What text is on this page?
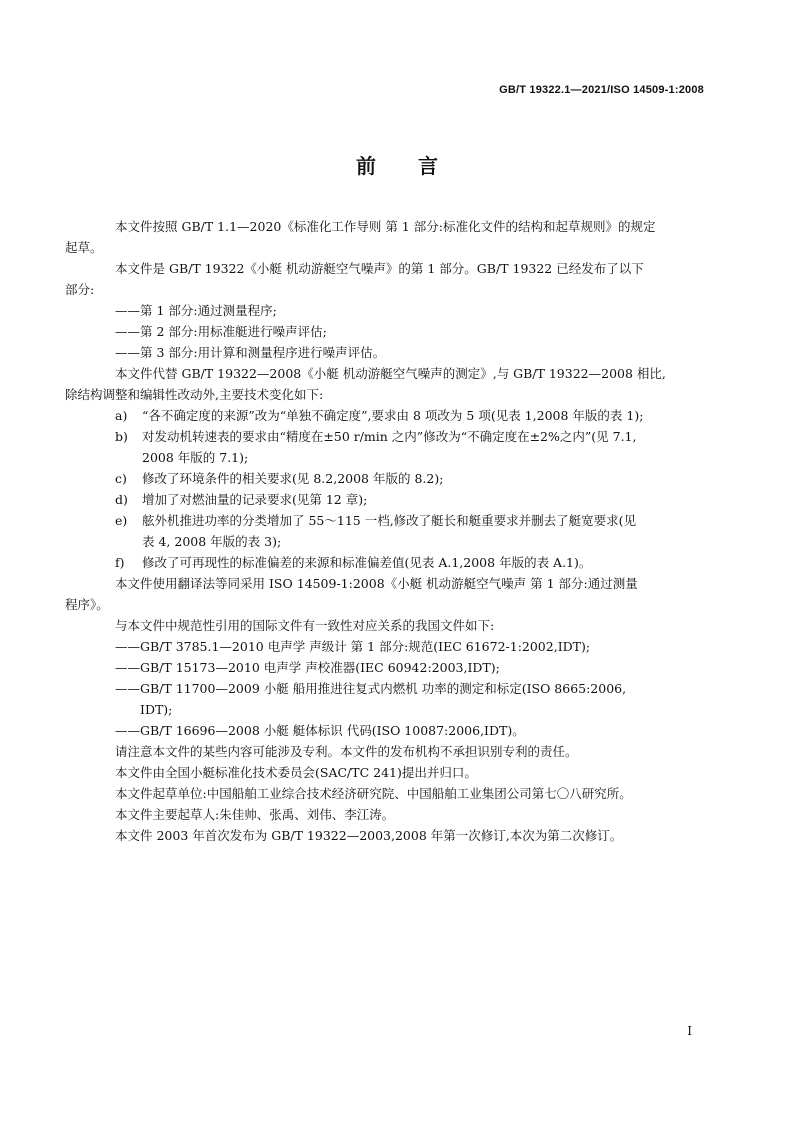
GB/T 19322.1—2021/ISO 14509-1:2008
前言

本文件按照 GB/T 1.1—2020《标准化工作导则 第 1 部分:标准化文件的结构和起草规则》的规定
起草。

本文件是 GB/T 19322《小艇 机动游艇空气噪声》的第 1 部分。GB/T 19322 已经发布了以下
部分:

——第 1 部分:通过测量程序;

——第 2 部分:用标准艇进行噪声评估;

——第 3 部分:用计算和测量程序进行噪声评估。

本文件代替 GB/T 19322—2008《小艇 机动游艇空气噪声的测定》,与 GB/T 19322—2008 相比,
除结构调整和编辑性改动外,主要技术变化如下:

a) “各不确定度的来源”改为“单独不确定度”,要求由 8 项改为 5 项(见表 1,2008 年版的表 1);

b) 对发动机转速表的要求由“精度在±50 r/min 之内”修改为“不确定度在±2%之内”(见 7.1,
2008 年版的 7.1);

c) 修改了环境条件的相关要求(见 8.2,2008 年版的 8.2);

d) 增加了对燃油量的记录要求(见第 12 章);

e) 舷外机推进功率的分类增加了 55～115 一档,修改了艇长和艇重要求并删去了艇宽要求(见
表 4, 2008 年版的表 3);

f) 修改了可再现性的标准偏差的来源和标准偏差值(见表 A.1,2008 年版的表 A.1)。

本文件使用翻译法等同采用 ISO 14509-1:2008《小艇 机动游艇空气噪声 第 1 部分:通过测量
程序》。

与本文件中规范性引用的国际文件有一致性对应关系的我国文件如下:

——GB/T 3785.1—2010 电声学 声级计 第 1 部分:规范(IEC 61672-1:2002,IDT);

——GB/T 15173—2010 电声学 声校准器(IEC 60942:2003,IDT);

——GB/T 11700—2009 小艇 船用推进往复式内燃机 功率的测定和标定(ISO 8665:2006,
IDT);

——GB/T 16696—2008 小艇 艇体标识 代码(ISO 10087:2006,IDT)。

请注意本文件的某些内容可能涉及专利。本文件的发布机构不承担识别专利的责任。

本文件由全国小艇标准化技术委员会(SAC/TC 241)提出并归口。

本文件起草单位:中国船舶工业综合技术经济研究院、中国船舶工业集团公司第七〇八研究所。

本文件主要起草人:朱佳帅、张禹、刘伟、李江涛。

本文件 2003 年首次发布为 GB/T 19322—2003,2008 年第一次修订,本次为第二次修订。

I
